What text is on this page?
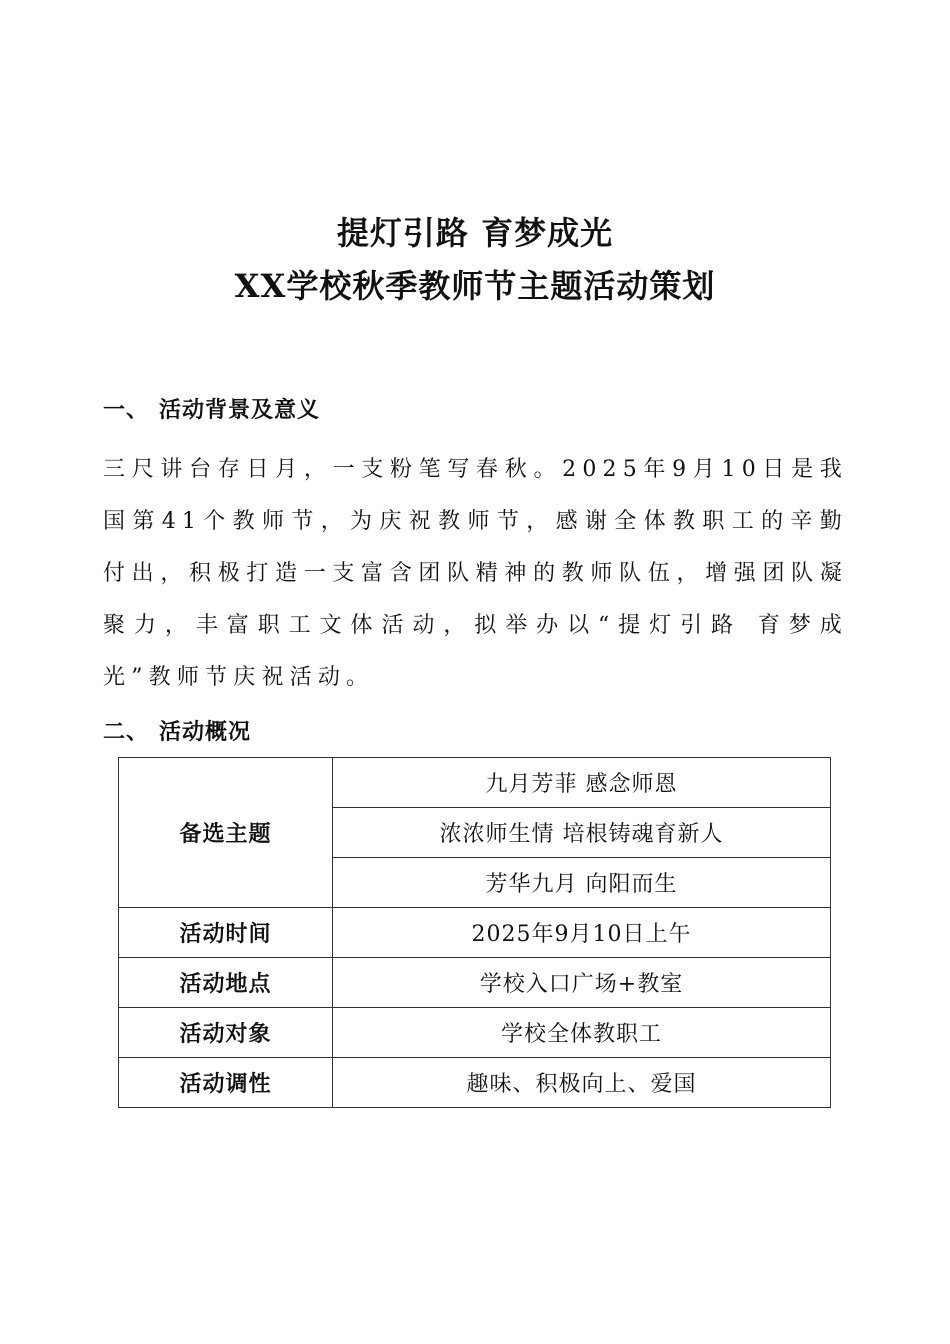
提灯引路 育梦成光
XX学校秋季教师节主题活动策划
一、 活动背景及意义
三尺讲台存日月，一支粉笔写春秋。2025年9月10日是我国第41个教师节，为庆祝教师节，感谢全体教职工的辛勤付出，积极打造一支富含团队精神的教师队伍，增强团队凝聚力，丰富职工文体活动，拟举办以“提灯引路 育梦成光”教师节庆祝活动。
二、 活动概况
备选主题	九月芳菲 感念师恩
	浓浓师生情 培根铸魂育新人
	芳华九月 向阳而生
活动时间	2025年9月10日上午
活动地点	学校入口广场+教室
活动对象	学校全体教职工
活动调性	趣味、积极向上、爱国
